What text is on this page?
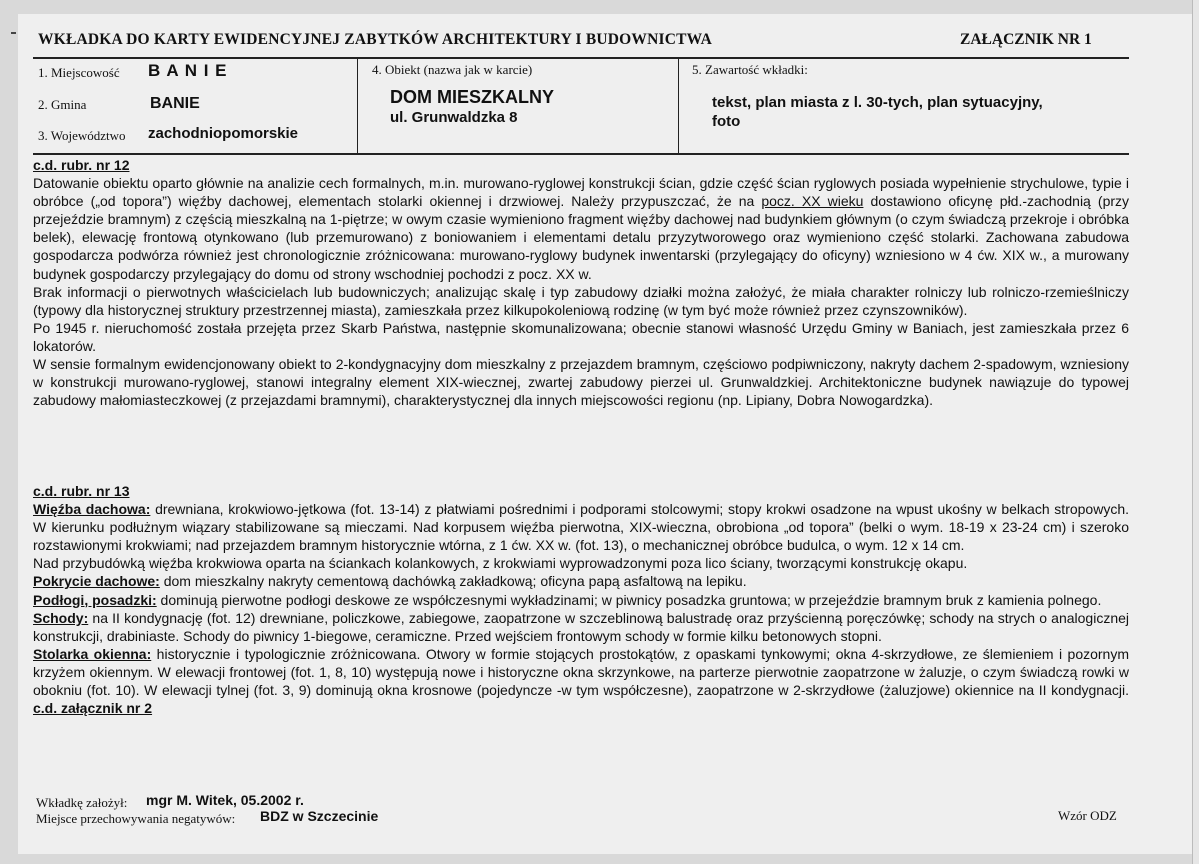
WKŁADKA DO KARTY EWIDENCYJNEJ ZABYTKÓW ARCHITEKTURY I BUDOWNICTWA	ZAŁĄCZNIK NR 1
1. Miejscowość B A N I E
2. Gmina	BANIE
3. Województwo zachodniopomorskie
4. Obiekt (nazwa jak w karcie)
DOM MIESZKALNY
ul. Grunwaldzka 8
5. Zawartość wkładki:
tekst, plan miasta z l. 30-tych, plan sytuacyjny,
foto

c.d. rubr. nr 12

Datowanie obiektu oparto głównie na analizie cech formalnych, m.in. murowano-ryglowej konstrukcji ścian, gdzie część ścian ryglowych posiada wypełnienie strychulowe, typie i obróbce („od topora”) więźby dachowej, elementach stolarki okiennej i drzwiowej. Należy przypuszczać, że na pocz. XX wieku dostawiono oficynę płd.-zachodnią (przy przejeździe bramnym) z częścią mieszkalną na 1-piętrze; w owym czasie wymieniono fragment więźby dachowej nad budynkiem głównym (o czym świadczą przekroje i obróbka belek), elewację frontową otynkowano (lub przemurowano) z boniowaniem i elementami detalu przyzytworowego oraz wymieniono część stolarki. Zachowana zabudowa gospodarcza podwórza również jest chronologicznie zróżnicowana: murowano-ryglowy budynek inwentarski (przylegający do oficyny) wzniesiono w 4 ćw. XIX w., a murowany budynek gospodarczy przylegający do domu od strony wschodniej pochodzi z pocz. XX w.

Brak informacji o pierwotnych właścicielach lub budowniczych; analizując skalę i typ zabudowy działki można założyć, że miała charakter rolniczy lub rolniczo-rzemieślniczy (typowy dla historycznej struktury przestrzennej miasta), zamieszkała przez kilkupokoleniową rodzinę (w tym być może również przez czynszowników).

Po 1945 r. nieruchomość została przejęta przez Skarb Państwa, następnie skomunalizowana; obecnie stanowi własność Urzędu Gminy w Baniach, jest zamieszkała przez 6 lokatorów.

W sensie formalnym ewidencjonowany obiekt to 2-kondygnacyjny dom mieszkalny z przejazdem bramnym, częściowo podpiwniczony, nakryty dachem 2-spadowym, wzniesiony w konstrukcji murowano-ryglowej, stanowi integralny element XIX-wiecznej, zwartej zabudowy pierzei ul. Grunwaldzkiej. Architektoniczne budynek nawiązuje do typowej zabudowy małomiasteczkowej (z przejazdami bramnymi), charakterystycznej dla innych miejscowości regionu (np. Lipiany, Dobra Nowogardzka).

c.d. rubr. nr 13

Więźba dachowa: drewniana, krokwiowo-jętkowa (fot. 13-14) z płatwiami pośrednimi i podporami stolcowymi; stopy krokwi osadzone na wpust ukośny w belkach stropowych. W kierunku podłużnym wiązary stabilizowane są mieczami. Nad korpusem więźba pierwotna, XIX-wieczna, obrobiona „od topora” (belki o wym. 18-19 x 23-24 cm) i szeroko rozstawionymi krokwiami; nad przejazdem bramnym historycznie wtórna, z 1 ćw. XX w. (fot. 13), o mechanicznej obróbce budulca, o wym. 12 x 14 cm.

Nad przybudówką więźba krokwiowa oparta na ściankach kolankowych, z krokwiami wyprowadzonymi poza lico ściany, tworzącymi konstrukcję okapu.

Pokrycie dachowe: dom mieszkalny nakryty cementową dachówką zakładkową; oficyna papą asfaltową na lepiku.

Podłogi, posadzki: dominują pierwotne podłogi deskowe ze współczesnymi wykładzinami; w piwnicy posadzka gruntowa; w przejeździe bramnym bruk z kamienia polnego.

Schody: na II kondygnację (fot. 12) drewniane, policzkowe, zabiegowe, zaopatrzone w szczeblinową balustradę oraz przyścienną poręczówkę; schody na strych o analogicznej konstrukcji, drabiniaste. Schody do piwnicy 1-biegowe, ceramiczne. Przed wejściem frontowym schody w formie kilku betonowych stopni.

Stolarka okienna: historycznie i typologicznie zróżnicowana. Otwory w formie stojących prostokątów, z opaskami tynkowymi; okna 4-skrzydłowe, ze ślemieniem i pozornym krzyżem okiennym. W elewacji frontowej (fot. 1, 8, 10) występują nowe i historyczne okna skrzynkowe, na parterze pierwotnie zaopatrzone w żaluzje, o czym świadczą rowki w obokniu (fot. 10). W elewacji tylnej (fot. 3, 9) dominują okna krosnowe (pojedyncze -w tym współczesne), zaopatrzone w 2-skrzydłowe (żaluzjowe) okiennice na II kondygnacji. c.d. załącznik nr 2

Wkładkę założył: mgr M. Witek, 05.2002 r.
Miejsce przechowywania negatywów: BDZ w Szczecinie	Wzór ODZ
